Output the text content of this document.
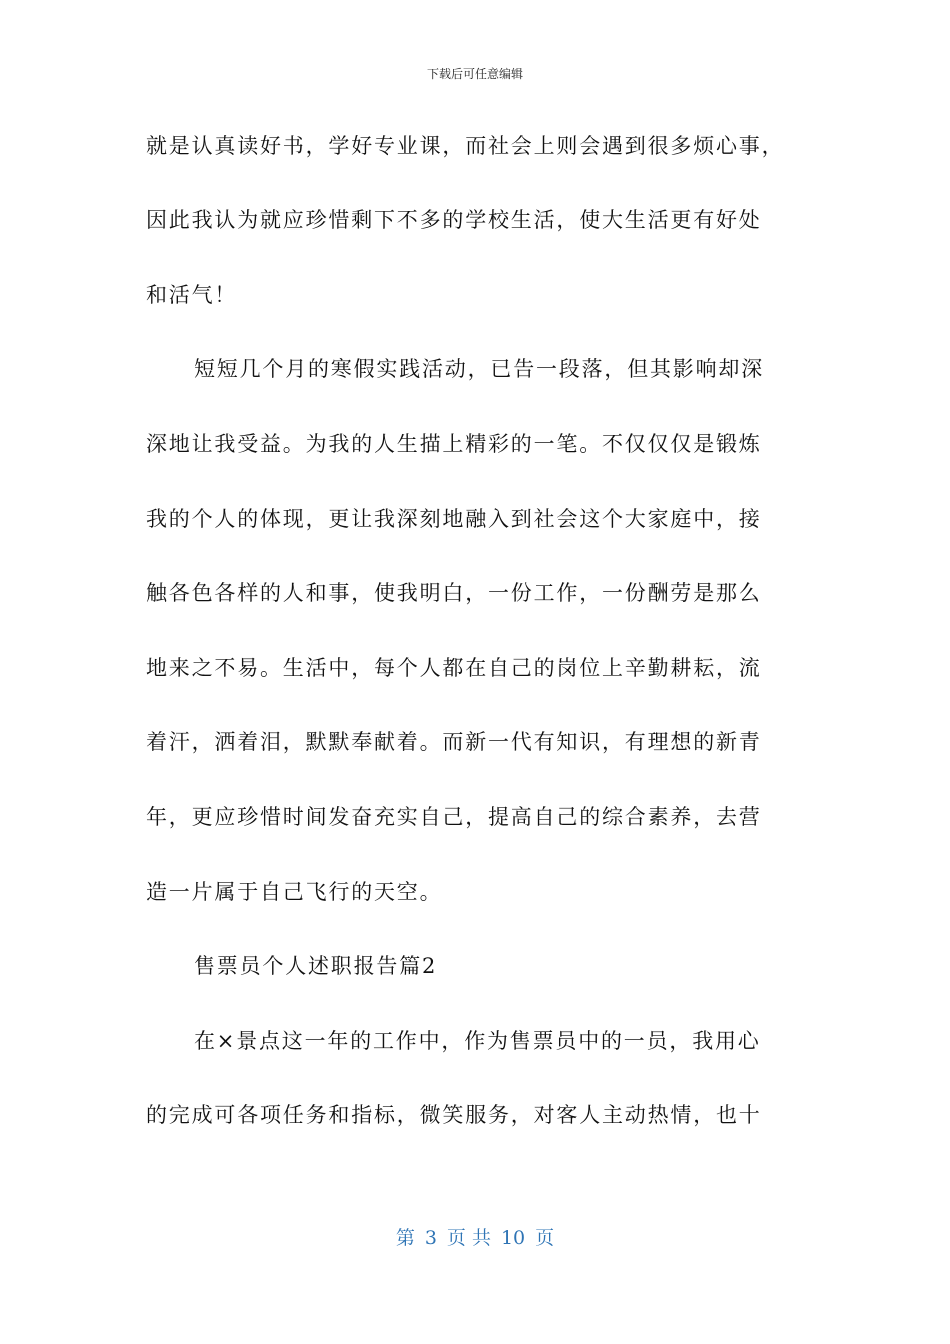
下载后可任意编辑
就是认真读好书，学好专业课，而社会上则会遇到很多烦心事，
因此我认为就应珍惜剩下不多的学校生活，使大生活更有好处
和活气！
短短几个月的寒假实践活动，已告一段落，但其影响却深
深地让我受益。为我的人生描上精彩的一笔。不仅仅仅是锻炼
我的个人的体现，更让我深刻地融入到社会这个大家庭中，接
触各色各样的人和事，使我明白，一份工作，一份酬劳是那么
地来之不易。生活中，每个人都在自己的岗位上辛勤耕耘，流
着汗，洒着泪，默默奉献着。而新一代有知识，有理想的新青
年，更应珍惜时间发奋充实自己，提高自己的综合素养，去营
造一片属于自己飞行的天空。
售票员个人述职报告篇2
在×景点这一年的工作中，作为售票员中的一员，我用心
的完成可各项任务和指标，微笑服务，对客人主动热情，也十
第 3 页 共 10 页
